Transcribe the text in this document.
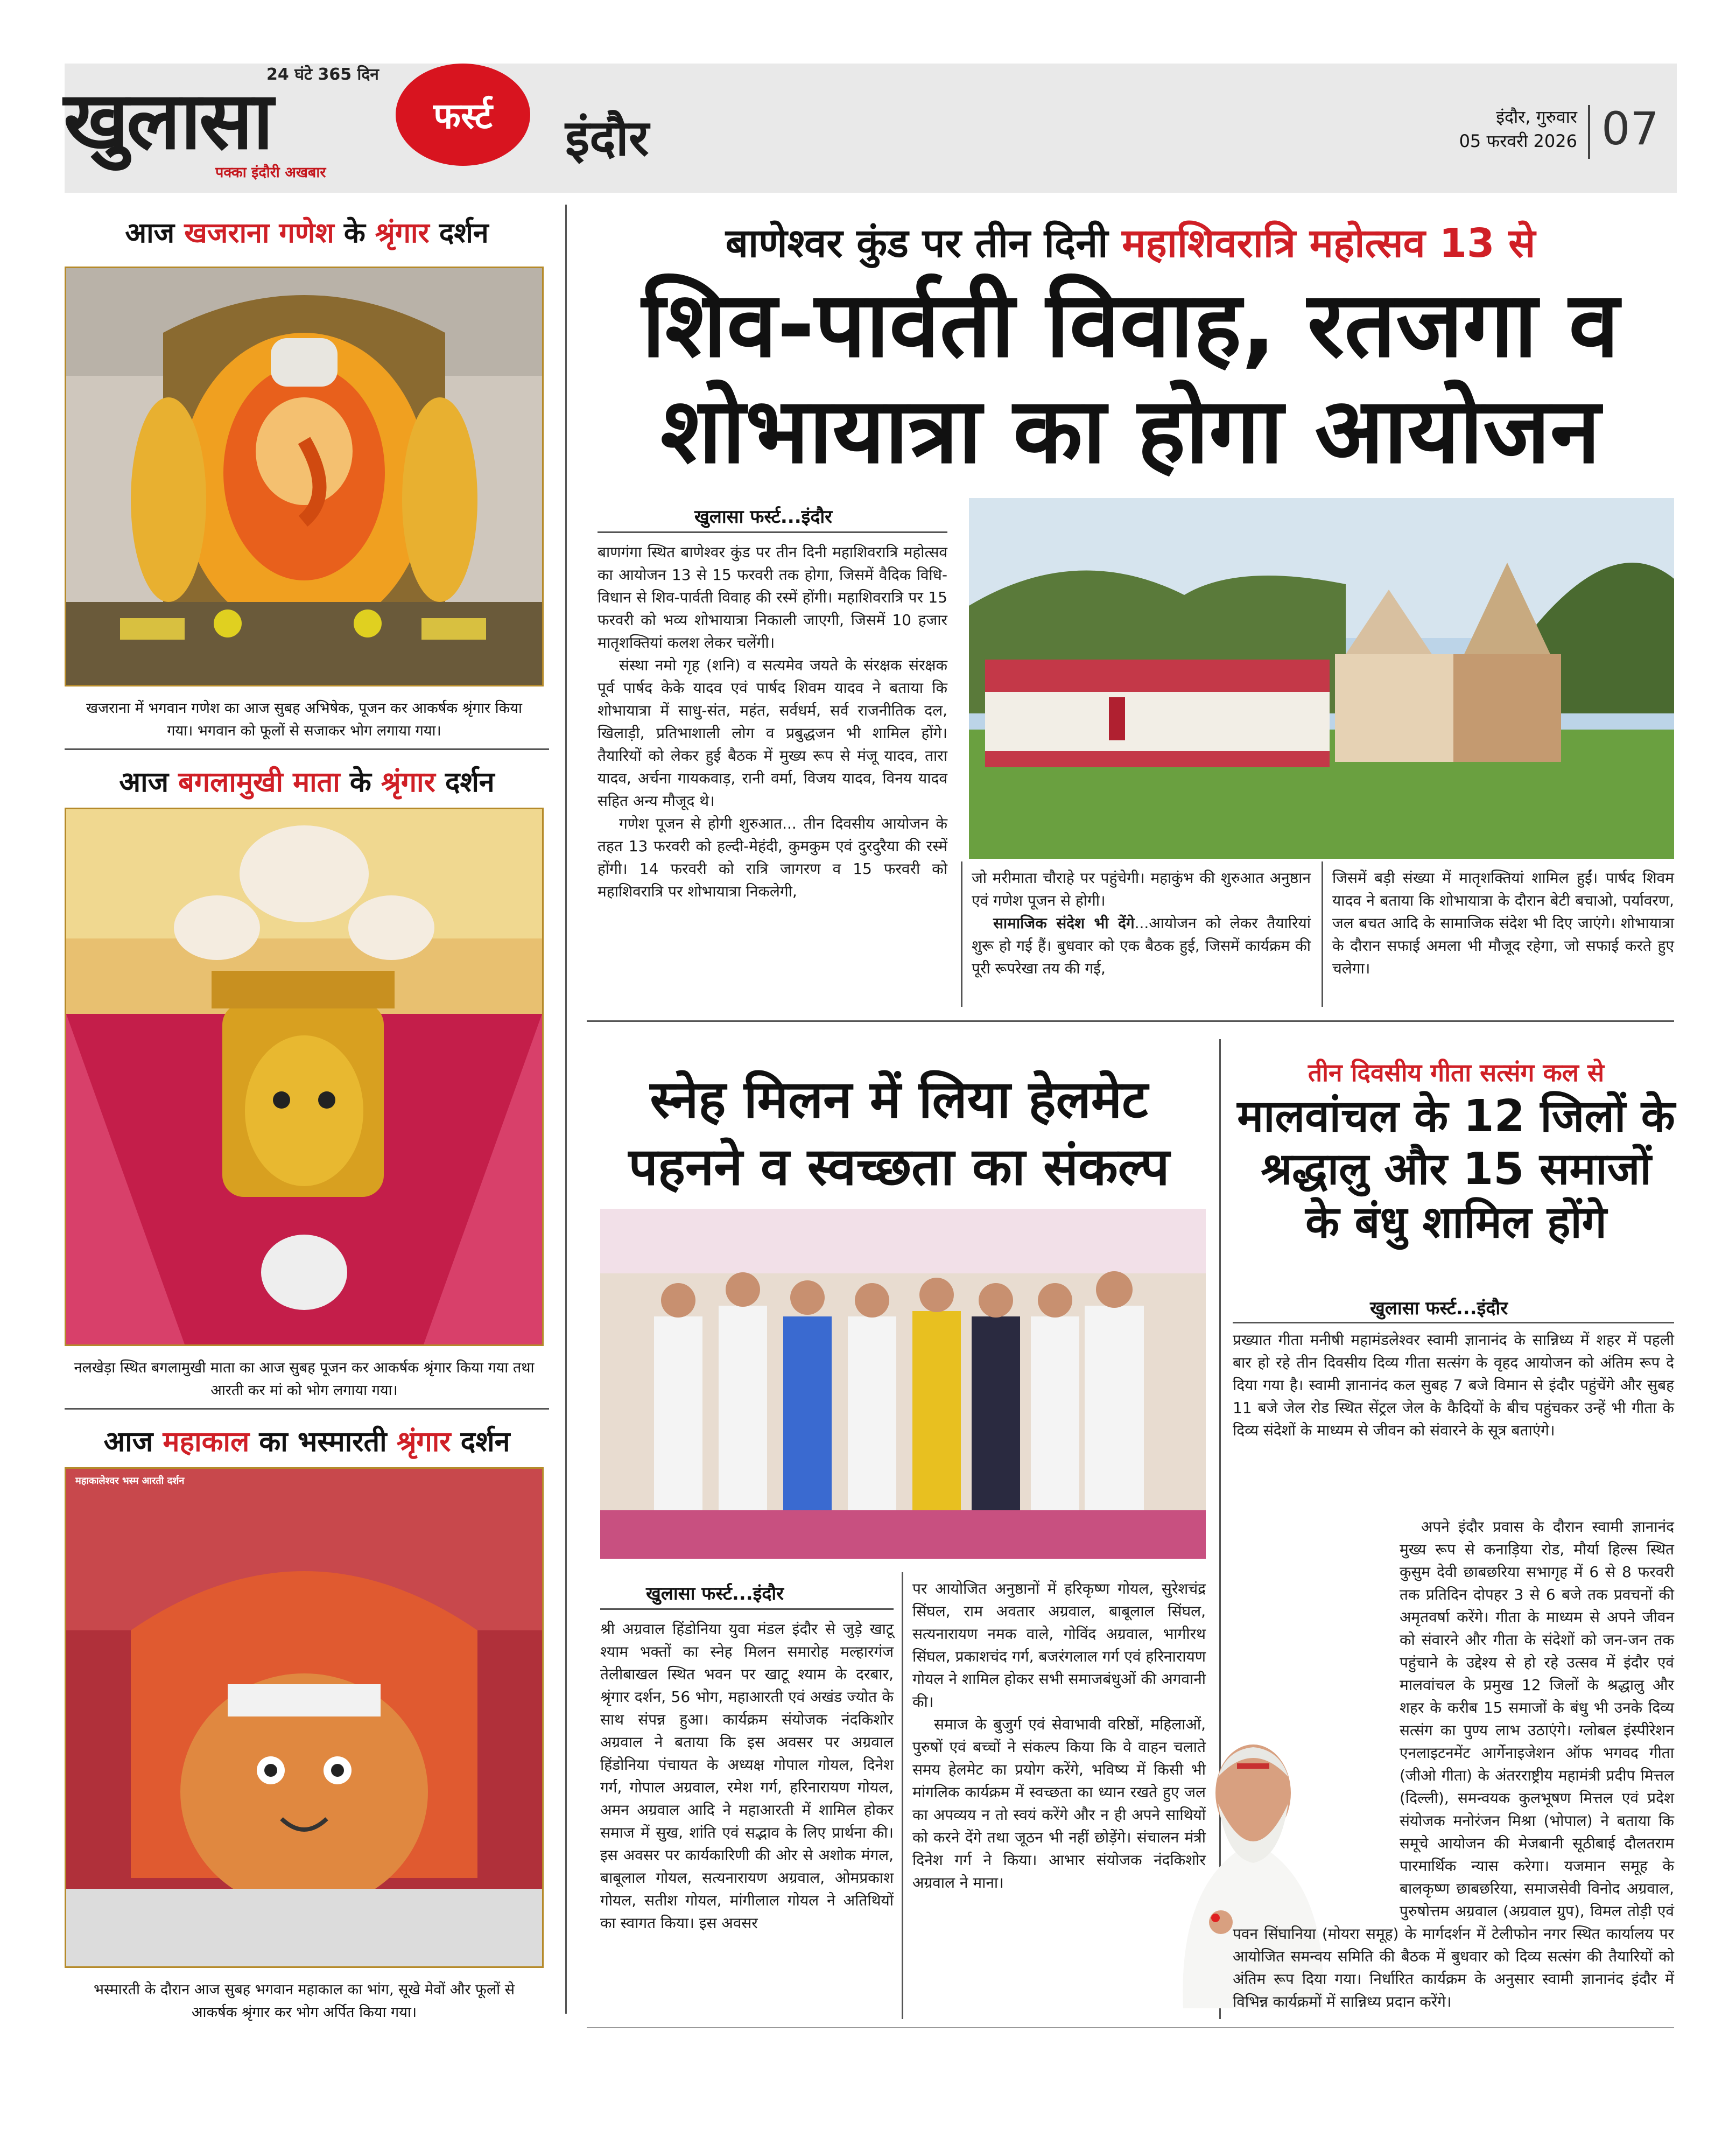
24 घंटे 365 दिन
खुलासा	फर्स्ट
पक्का इंदौरी अखबार
इंदौर	इंदौर, गुरुवार
05 फरवरी 2026 07
आज खजराना गणेश के श्रृंगार दर्शन
खजराना में भगवान गणेश का आज सुबह अभिषेक, पूजन कर आकर्षक श्रृंगार किया गया। भगवान को फूलों से सजाकर भोग लगाया गया।
आज बगलामुखी माता के श्रृंगार दर्शन
नलखेड़ा स्थित बगलामुखी माता का आज सुबह पूजन कर आकर्षक श्रृंगार किया गया तथा आरती कर मां को भोग लगाया गया।
आज महाकाल का भस्मारती श्रृंगार दर्शन
महाकालेश्वर भस्म आरती दर्शन
भस्मारती के दौरान आज सुबह भगवान महाकाल का भांग, सूखे मेवों और फूलों से आकर्षक श्रृंगार कर भोग अर्पित किया गया।
बाणेश्वर कुंड पर तीन दिनी महाशिवरात्रि महोत्सव 13 से
शिव-पार्वती विवाह, रतजगा व
शोभायात्रा का होगा आयोजन
खुलासा फर्स्ट...इंदौर

बाणगंगा स्थित बाणेश्वर कुंड पर तीन दिनी महाशिवरात्रि महोत्सव का आयोजन 13 से 15 फरवरी तक होगा, जिसमें वैदिक विधि-विधान से शिव-पार्वती विवाह की रस्में होंगी। महाशिवरात्रि पर 15 फरवरी को भव्य शोभायात्रा निकाली जाएगी, जिसमें 10 हजार मातृशक्तियां कलश लेकर चलेंगी।

संस्था नमो गृह (शनि) व सत्यमेव जयते के संरक्षक संरक्षक पूर्व पार्षद केके यादव एवं पार्षद शिवम यादव ने बताया कि शोभायात्रा में साधु-संत, महंत, सर्वधर्म, सर्व राजनीतिक दल, खिलाड़ी, प्रतिभाशाली लोग व प्रबुद्धजन भी शामिल होंगे। तैयारियों को लेकर हुई बैठक में मुख्य रूप से मंजू यादव, तारा यादव, अर्चना गायकवाड़, रानी वर्मा, विजय यादव, विनय यादव सहित अन्य मौजूद थे।

गणेश पूजन से होगी शुरुआत... तीन दिवसीय आयोजन के तहत 13 फरवरी को हल्दी-मेहंदी, कुमकुम एवं दुरदुरैया की रस्में होंगी। 14 फरवरी को रात्रि जागरण व 15 फरवरी को महाशिवरात्रि पर शोभायात्रा निकलेगी,

जो मरीमाता चौराहे पर पहुंचेगी। महाकुंभ की शुरुआत अनुष्ठान एवं गणेश पूजन से होगी।

सामाजिक संदेश भी देंगे...आयोजन को लेकर तैयारियां शुरू हो गई हैं। बुधवार को एक बैठक हुई, जिसमें कार्यक्रम की पूरी रूपरेखा तय की गई,

जिसमें बड़ी संख्या में मातृशक्तियां शामिल हुईं। पार्षद शिवम यादव ने बताया कि शोभायात्रा के दौरान बेटी बचाओ, पर्यावरण, जल बचत आदि के सामाजिक संदेश भी दिए जाएंगे। शोभायात्रा के दौरान सफाई अमला भी मौजूद रहेगा, जो सफाई करते हुए चलेगा।

स्नेह मिलन में लिया हेलमेट
पहनने व स्वच्छता का संकल्प
खुलासा फर्स्ट...इंदौर

श्री अग्रवाल हिंडोनिया युवा मंडल इंदौर से जुड़े खाटू श्याम भक्तों का स्नेह मिलन समारोह मल्हारगंज तेलीबाखल स्थित भवन पर खाटू श्याम के दरबार, श्रृंगार दर्शन, 56 भोग, महाआरती एवं अखंड ज्योत के साथ संपन्न हुआ। कार्यक्रम संयोजक नंदकिशोर अग्रवाल ने बताया कि इस अवसर पर अग्रवाल हिंडोनिया पंचायत के अध्यक्ष गोपाल गोयल, दिनेश गर्ग, गोपाल अग्रवाल, रमेश गर्ग, हरिनारायण गोयल, अमन अग्रवाल आदि ने महाआरती में शामिल होकर समाज में सुख, शांति एवं सद्भाव के लिए प्रार्थना की। इस अवसर पर कार्यकारिणी की ओर से अशोक मंगल, बाबूलाल गोयल, सत्यनारायण अग्रवाल, ओमप्रकाश गोयल, सतीश गोयल, मांगीलाल गोयल ने अतिथियों का स्वागत किया। इस अवसर

पर आयोजित अनुष्ठानों में हरिकृष्ण गोयल, सुरेशचंद्र सिंघल, राम अवतार अग्रवाल, बाबूलाल सिंघल, सत्यनारायण नमक वाले, गोविंद अग्रवाल, भागीरथ सिंघल, प्रकाशचंद गर्ग, बजरंगलाल गर्ग एवं हरिनारायण गोयल ने शामिल होकर सभी समाजबंधुओं की अगवानी की।

समाज के बुजुर्ग एवं सेवाभावी वरिष्ठों, महिलाओं, पुरुषों एवं बच्चों ने संकल्प किया कि वे वाहन चलाते समय हेलमेट का प्रयोग करेंगे, भविष्य में किसी भी मांगलिक कार्यक्रम में स्वच्छता का ध्यान रखते हुए जल का अपव्यय न तो स्वयं करेंगे और न ही अपने साथियों को करने देंगे तथा जूठन भी नहीं छोड़ेंगे। संचालन मंत्री दिनेश गर्ग ने किया। आभार संयोजक नंदकिशोर अग्रवाल ने माना।

तीन दिवसीय गीता सत्संग कल से
मालवांचल के 12 जिलों के
श्रद्धालु और 15 समाजों
के बंधु शामिल होंगे
खुलासा फर्स्ट...इंदौर

प्रख्यात गीता मनीषी महामंडलेश्वर स्वामी ज्ञानानंद के सान्निध्य में शहर में पहली बार हो रहे तीन दिवसीय दिव्य गीता सत्संग के वृहद आयोजन को अंतिम रूप दे दिया गया है। स्वामी ज्ञानानंद कल सुबह 7 बजे विमान से इंदौर पहुंचेंगे और सुबह 11 बजे जेल रोड स्थित सेंट्रल जेल के कैदियों के बीच पहुंचकर उन्हें भी गीता के दिव्य संदेशों के माध्यम से जीवन को संवारने के सूत्र बताएंगे।

अपने इंदौर प्रवास के दौरान स्वामी ज्ञानानंद मुख्य रूप से कनाड़िया रोड, मौर्या हिल्स स्थित कुसुम देवी छाबछरिया सभागृह में 6 से 8 फरवरी तक प्रतिदिन दोपहर 3 से 6 बजे तक प्रवचनों की अमृतवर्षा करेंगे। गीता के माध्यम से अपने जीवन को संवारने और गीता के संदेशों को जन-जन तक पहुंचाने के उद्देश्य से हो रहे उत्सव में इंदौर एवं मालवांचल के प्रमुख 12 जिलों के श्रद्धालु और शहर के करीब 15 समाजों के बंधु भी उनके दिव्य सत्संग का पुण्य लाभ उठाएंगे। ग्लोबल इंस्पीरेशन एनलाइटनमेंट आर्गेनाइजेशन ऑफ भगवद गीता (जीओ गीता) के अंतरराष्ट्रीय महामंत्री प्रदीप मित्तल (दिल्ली), समन्वयक कुलभूषण मित्तल एवं प्रदेश संयोजक मनोरंजन मिश्रा (भोपाल) ने बताया कि समूचे आयोजन की मेजबानी सूठीबाई दौलतराम पारमार्थिक न्यास करेगा। यजमान समूह के बालकृष्ण छाबछरिया, समाजसेवी विनोद अग्रवाल, पुरुषोत्तम अग्रवाल (अग्रवाल ग्रुप), विमल तोड़ी एवं पवन सिंघानिया (मोयरा समूह) के मार्गदर्शन में टेलीफोन नगर स्थित कार्यालय पर आयोजित समन्वय समिति की बैठक में बुधवार को दिव्य सत्संग की तैयारियों को अंतिम रूप दिया गया। निर्धारित कार्यक्रम के अनुसार स्वामी ज्ञानानंद इंदौर में विभिन्न कार्यक्रमों में सान्निध्य प्रदान करेंगे।
